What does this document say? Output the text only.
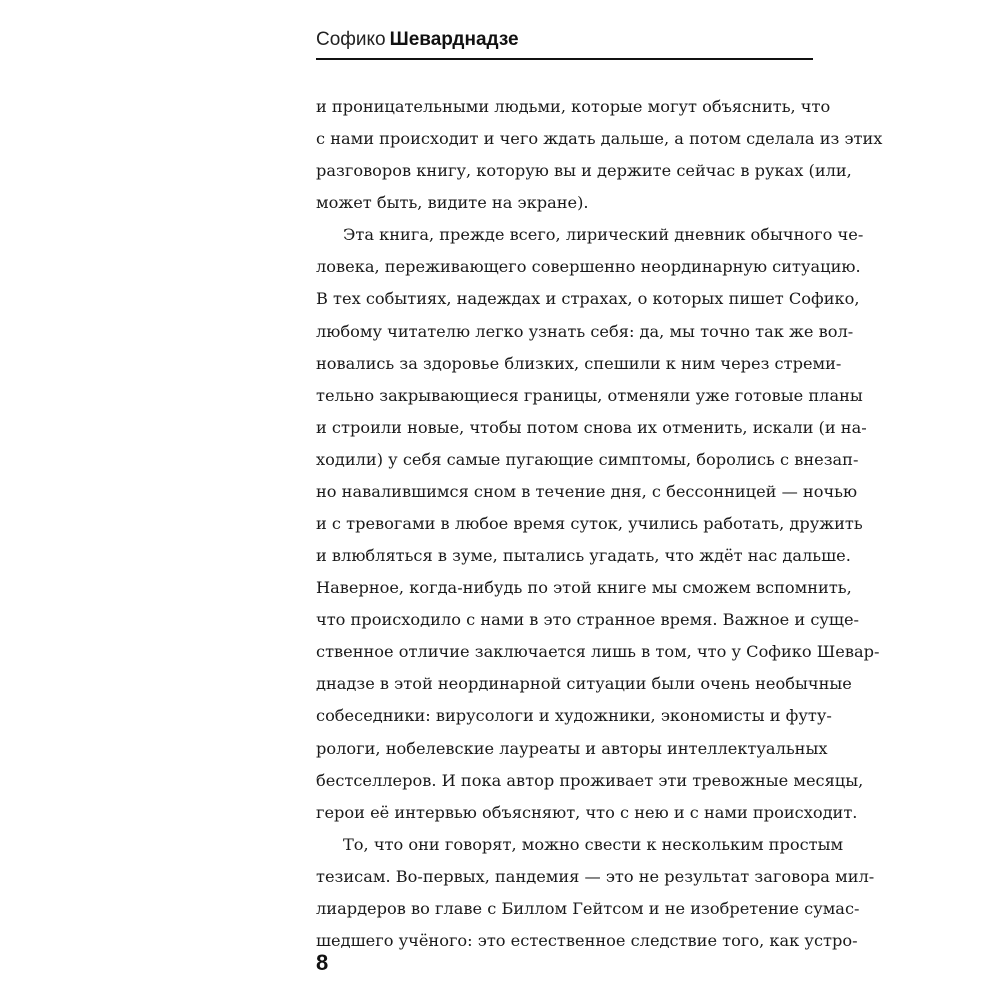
Софико Шеварднадзе
и проницательными людьми, которые могут объяснить, что
с нами происходит и чего ждать дальше, а потом сделала из этих
разговоров книгу, которую вы и держите сейчас в руках (или,
может быть, видите на экране).
Эта книга, прежде всего, лирический дневник обычного че-
ловека, переживающего совершенно неординарную ситуацию.
В тех событиях, надеждах и страхах, о которых пишет Софико,
любому читателю легко узнать себя: да, мы точно так же вол-
новались за здоровье близких, спешили к ним через стреми-
тельно закрывающиеся границы, отменяли уже готовые планы
и строили новые, чтобы потом снова их отменить, искали (и на-
ходили) у себя самые пугающие симптомы, боролись с внезап-
но навалившимся сном в течение дня, с бессонницей — ночью
и с тревогами в любое время суток, учились работать, дружить
и влюбляться в зуме, пытались угадать, что ждёт нас дальше.
Наверное, когда-нибудь по этой книге мы сможем вспомнить,
что происходило с нами в это странное время. Важное и суще-
ственное отличие заключается лишь в том, что у Софико Шевар-
днадзе в этой неординарной ситуации были очень необычные
собеседники: вирусологи и художники, экономисты и футу-
рологи, нобелевские лауреаты и авторы интеллектуальных
бестселлеров. И пока автор проживает эти тревожные месяцы,
герои её интервью объясняют, что с нею и с нами происходит.
То, что они говорят, можно свести к нескольким простым
тезисам. Во-первых, пандемия — это не результат заговора мил-
лиардеров во главе с Биллом Гейтсом и не изобретение сумас-
шедшего учёного: это естественное следствие того, как устро-
8
